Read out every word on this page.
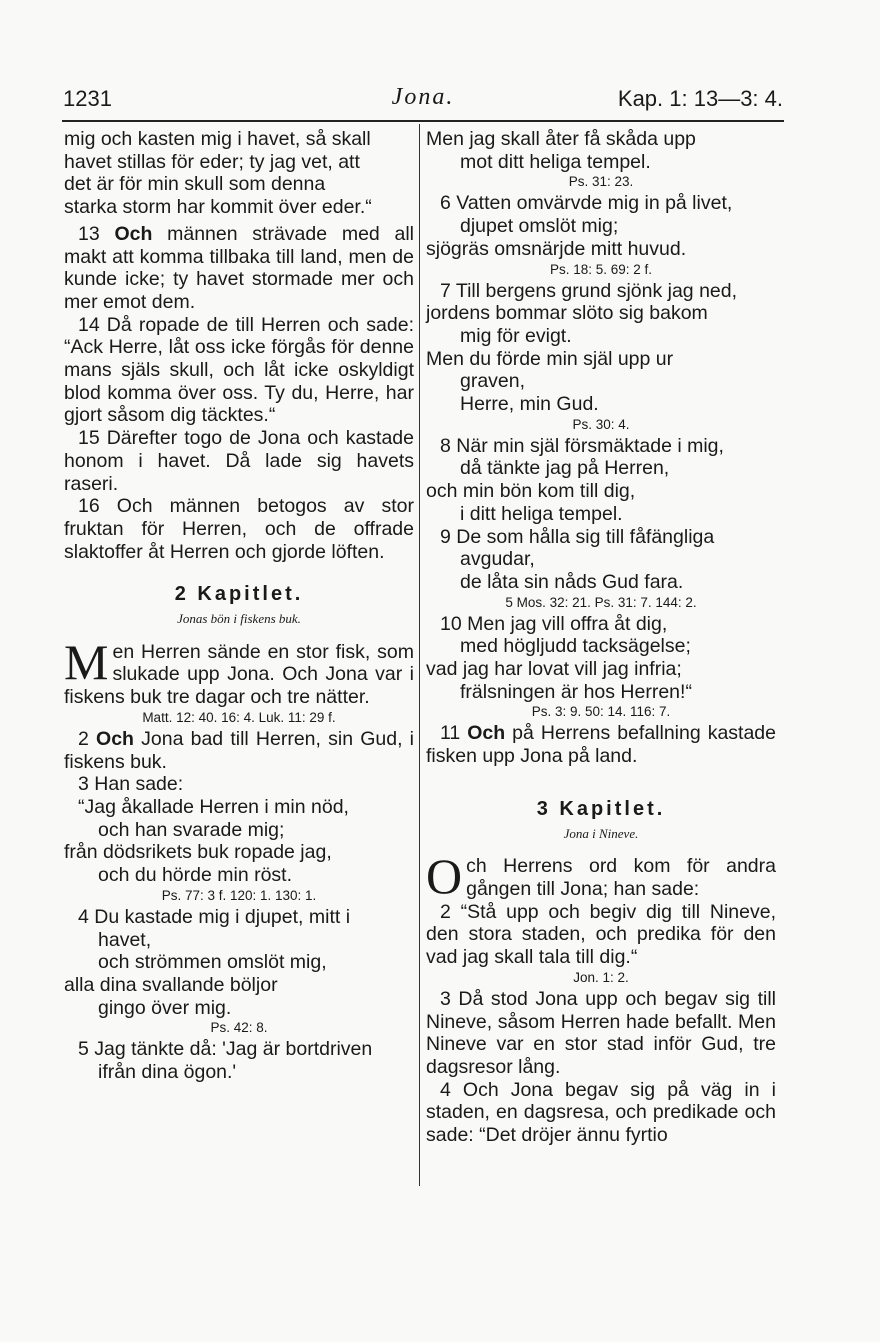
1231	Jona.	Kap. 1: 13—3: 4.

mig och kasten mig i havet, så skall

havet stillas för eder; ty jag vet, att

det är för min skull som denna

starka storm har kommit över eder.“

13 Och männen strävade med all makt att komma tillbaka till land, men de kunde icke; ty havet stormade mer och mer emot dem.

14 Då ropade de till Herren och sade: “Ack Herre, låt oss icke förgås för denne mans själs skull, och låt icke oskyldigt blod komma över oss. Ty du, Herre, har gjort såsom dig täcktes.“

15 Därefter togo de Jona och kastade honom i havet. Då lade sig havets raseri.

16 Och männen betogos av stor fruktan för Herren, och de offrade slaktoffer åt Herren och gjorde löften.

2 Kapitlet.
Jonas bön i fiskens buk.

Men Herren sände en stor fisk, som slukade upp Jona. Och Jona var i fiskens buk tre dagar och tre nätter.

Matt. 12: 40. 16: 4. Luk. 11: 29 f.

2 Och Jona bad till Herren, sin Gud, i fiskens buk.

3 Han sade:

“Jag åkallade Herren i min nöd,

och han svarade mig;

från dödsrikets buk ropade jag,

och du hörde min röst.

Ps. 77: 3 f. 120: 1. 130: 1.

4 Du kastade mig i djupet, mitt i

havet,

och strömmen omslöt mig,

alla dina svallande böljor

gingo över mig.

Ps. 42: 8.

5 Jag tänkte då: 'Jag är bortdriven

ifrån dina ögon.'

Men jag skall åter få skåda upp

mot ditt heliga tempel.

Ps. 31: 23.

6 Vatten omvärvde mig in på livet,

djupet omslöt mig;

sjögräs omsnärjde mitt huvud.

Ps. 18: 5. 69: 2 f.

7 Till bergens grund sjönk jag ned,

jordens bommar slöto sig bakom

mig för evigt.

Men du förde min själ upp ur

graven,

Herre, min Gud.

Ps. 30: 4.

8 När min själ försmäktade i mig,

då tänkte jag på Herren,

och min bön kom till dig,

i ditt heliga tempel.

9 De som hålla sig till fåfängliga

avgudar,

de låta sin nåds Gud fara.

5 Mos. 32: 21. Ps. 31: 7. 144: 2.

10 Men jag vill offra åt dig,

med högljudd tacksägelse;

vad jag har lovat vill jag infria;

frälsningen är hos Herren!“

Ps. 3: 9. 50: 14. 116: 7.

11 Och på Herrens befallning kastade fisken upp Jona på land.

3 Kapitlet.
Jona i Nineve.

Och Herrens ord kom för andra gången till Jona; han sade:

2 “Stå upp och begiv dig till Nineve, den stora staden, och predika för den vad jag skall tala till dig.“

Jon. 1: 2.

3 Då stod Jona upp och begav sig till Nineve, såsom Herren hade befallt. Men Nineve var en stor stad inför Gud, tre dagsresor lång.

4 Och Jona begav sig på väg in i staden, en dagsresa, och predikade och sade: “Det dröjer ännu fyrtio
